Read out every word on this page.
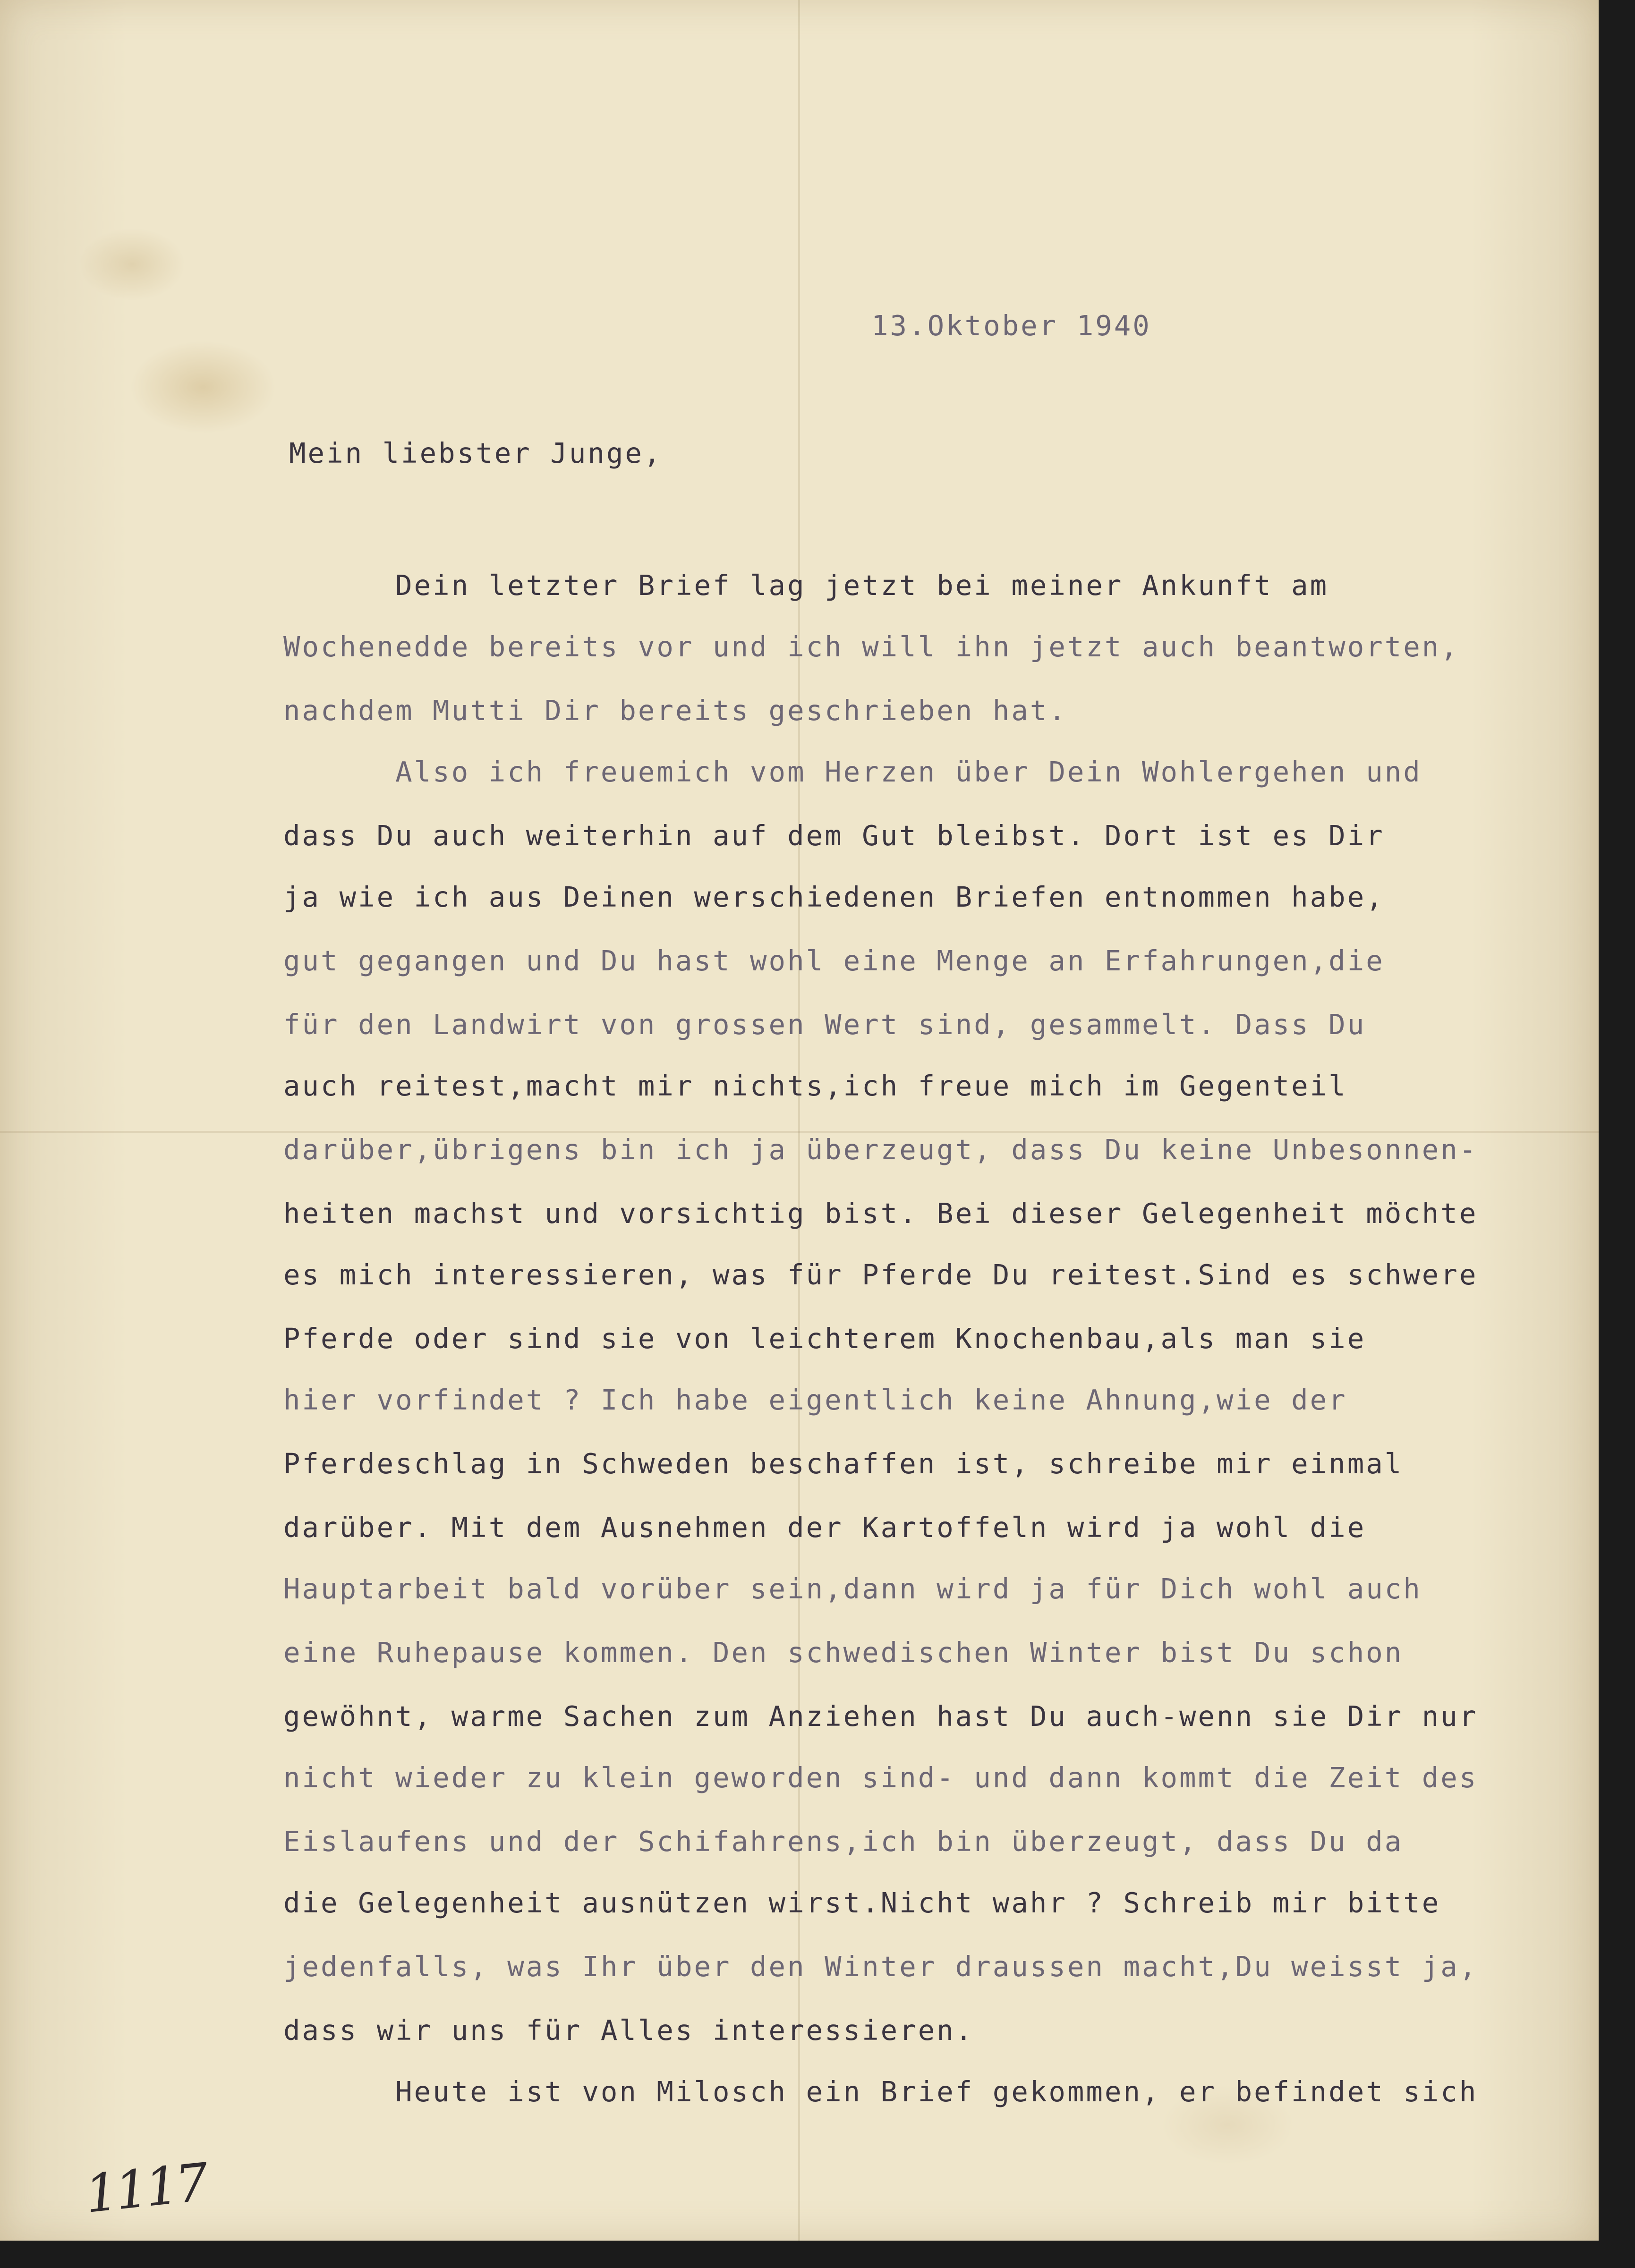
13.Oktober 1940
Mein liebster Junge,
Dein letzter Brief lag jetzt bei meiner Ankunft am
Wochenedde bereits vor und ich will ihn jetzt auch beantworten,
nachdem Mutti Dir bereits geschrieben hat.
Also ich freuemich vom Herzen über Dein Wohlergehen und
dass Du auch weiterhin auf dem Gut bleibst. Dort ist es Dir
ja wie ich aus Deinen werschiedenen Briefen entnommen habe,
gut gegangen und Du hast wohl eine Menge an Erfahrungen,die
für den Landwirt von grossen Wert sind, gesammelt. Dass Du
auch reitest,macht mir nichts,ich freue mich im Gegenteil
darüber,übrigens bin ich ja überzeugt, dass Du keine Unbesonnen-
heiten machst und vorsichtig bist. Bei dieser Gelegenheit möchte
es mich interessieren, was für Pferde Du reitest.Sind es schwere
Pferde oder sind sie von leichterem Knochenbau,als man sie
hier vorfindet ? Ich habe eigentlich keine Ahnung,wie der
Pferdeschlag in Schweden beschaffen ist, schreibe mir einmal
darüber. Mit dem Ausnehmen der Kartoffeln wird ja wohl die
Hauptarbeit bald vorüber sein,dann wird ja für Dich wohl auch
eine Ruhepause kommen. Den schwedischen Winter bist Du schon
gewöhnt, warme Sachen zum Anziehen hast Du auch-wenn sie Dir nur
nicht wieder zu klein geworden sind- und dann kommt die Zeit des
Eislaufens und der Schifahrens,ich bin überzeugt, dass Du da
die Gelegenheit ausnützen wirst.Nicht wahr ? Schreib mir bitte
jedenfalls, was Ihr über den Winter draussen macht,Du weisst ja,
dass wir uns für Alles interessieren.
Heute ist von Milosch ein Brief gekommen, er befindet sich
1117
